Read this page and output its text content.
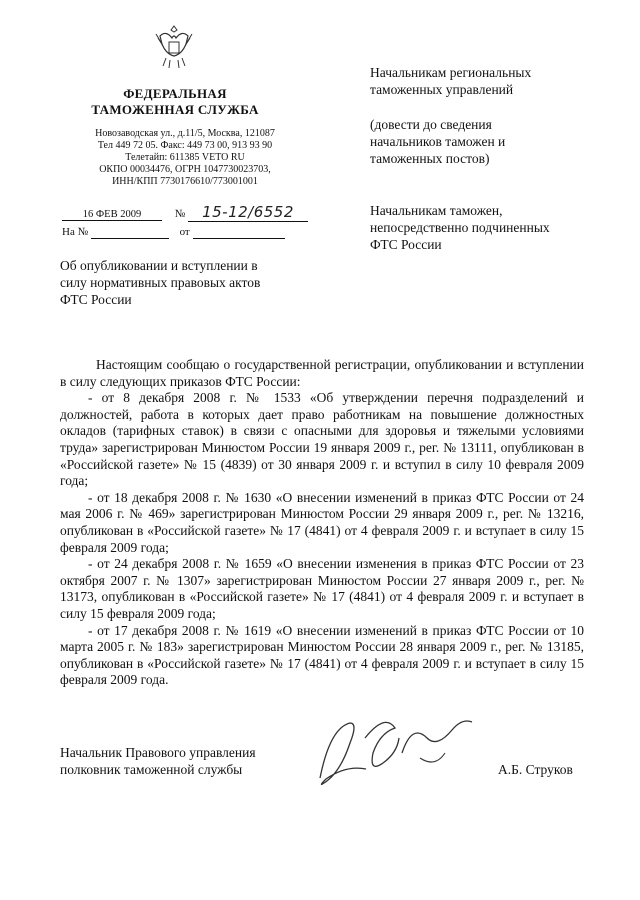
ФЕДЕРАЛЬНАЯ
ТАМОЖЕННАЯ СЛУЖБА
Новозаводская ул., д.11/5, Москва, 121087
Тел 449 72 05. Факс: 449 73 00, 913 93 90
Телетайп: 611385 VETO RU
ОКПО 00034476, ОГРН 1047730023703,
ИНН/КПП 7730176610/773001001
16 ФЕВ 2009	№ 15-12/6552
На №	от
Начальникам региональных
таможенных управлений
(довести до сведения
начальников таможен и
таможенных постов)
Начальникам таможен,
непосредственно подчиненных
ФТС России
Об опубликовании и вступлении в
силу нормативных правовых актов
ФТС России

Настоящим сообщаю о государственной регистрации, опубликовании и вступлении в силу следующих приказов ФТС России:

- от 8 декабря 2008 г. № 1533 «Об утверждении перечня подразделений и должностей, работа в которых дает право работникам на повышение должностных окладов (тарифных ставок) в связи с опасными для здоровья и тяжелыми условиями труда» зарегистрирован Минюстом России 19 января 2009 г., рег. № 13111, опубликован в «Российской газете» № 15 (4839) от 30 января 2009 г. и вступил в силу 10 февраля 2009 года;

- от 18 декабря 2008 г. № 1630 «О внесении изменений в приказ ФТС России от 24 мая 2006 г. № 469» зарегистрирован Минюстом России 29 января 2009 г., рег. № 13216, опубликован в «Российской газете» № 17 (4841) от 4 февраля 2009 г. и вступает в силу 15 февраля 2009 года;

- от 24 декабря 2008 г. № 1659 «О внесении изменения в приказ ФТС России от 23 октября 2007 г. № 1307» зарегистрирован Минюстом России 27 января 2009 г., рег. № 13173, опубликован в «Российской газете» № 17 (4841) от 4 февраля 2009 г. и вступает в силу 15 февраля 2009 года;

- от 17 декабря 2008 г. № 1619 «О внесении изменений в приказ ФТС России от 10 марта 2005 г. № 183» зарегистрирован Минюстом России 28 января 2009 г., рег. № 13185, опубликован в «Российской газете» № 17 (4841) от 4 февраля 2009 г. и вступает в силу 15 февраля 2009 года.

Начальник Правового управления
полковник таможенной службы	А.Б. Струков
